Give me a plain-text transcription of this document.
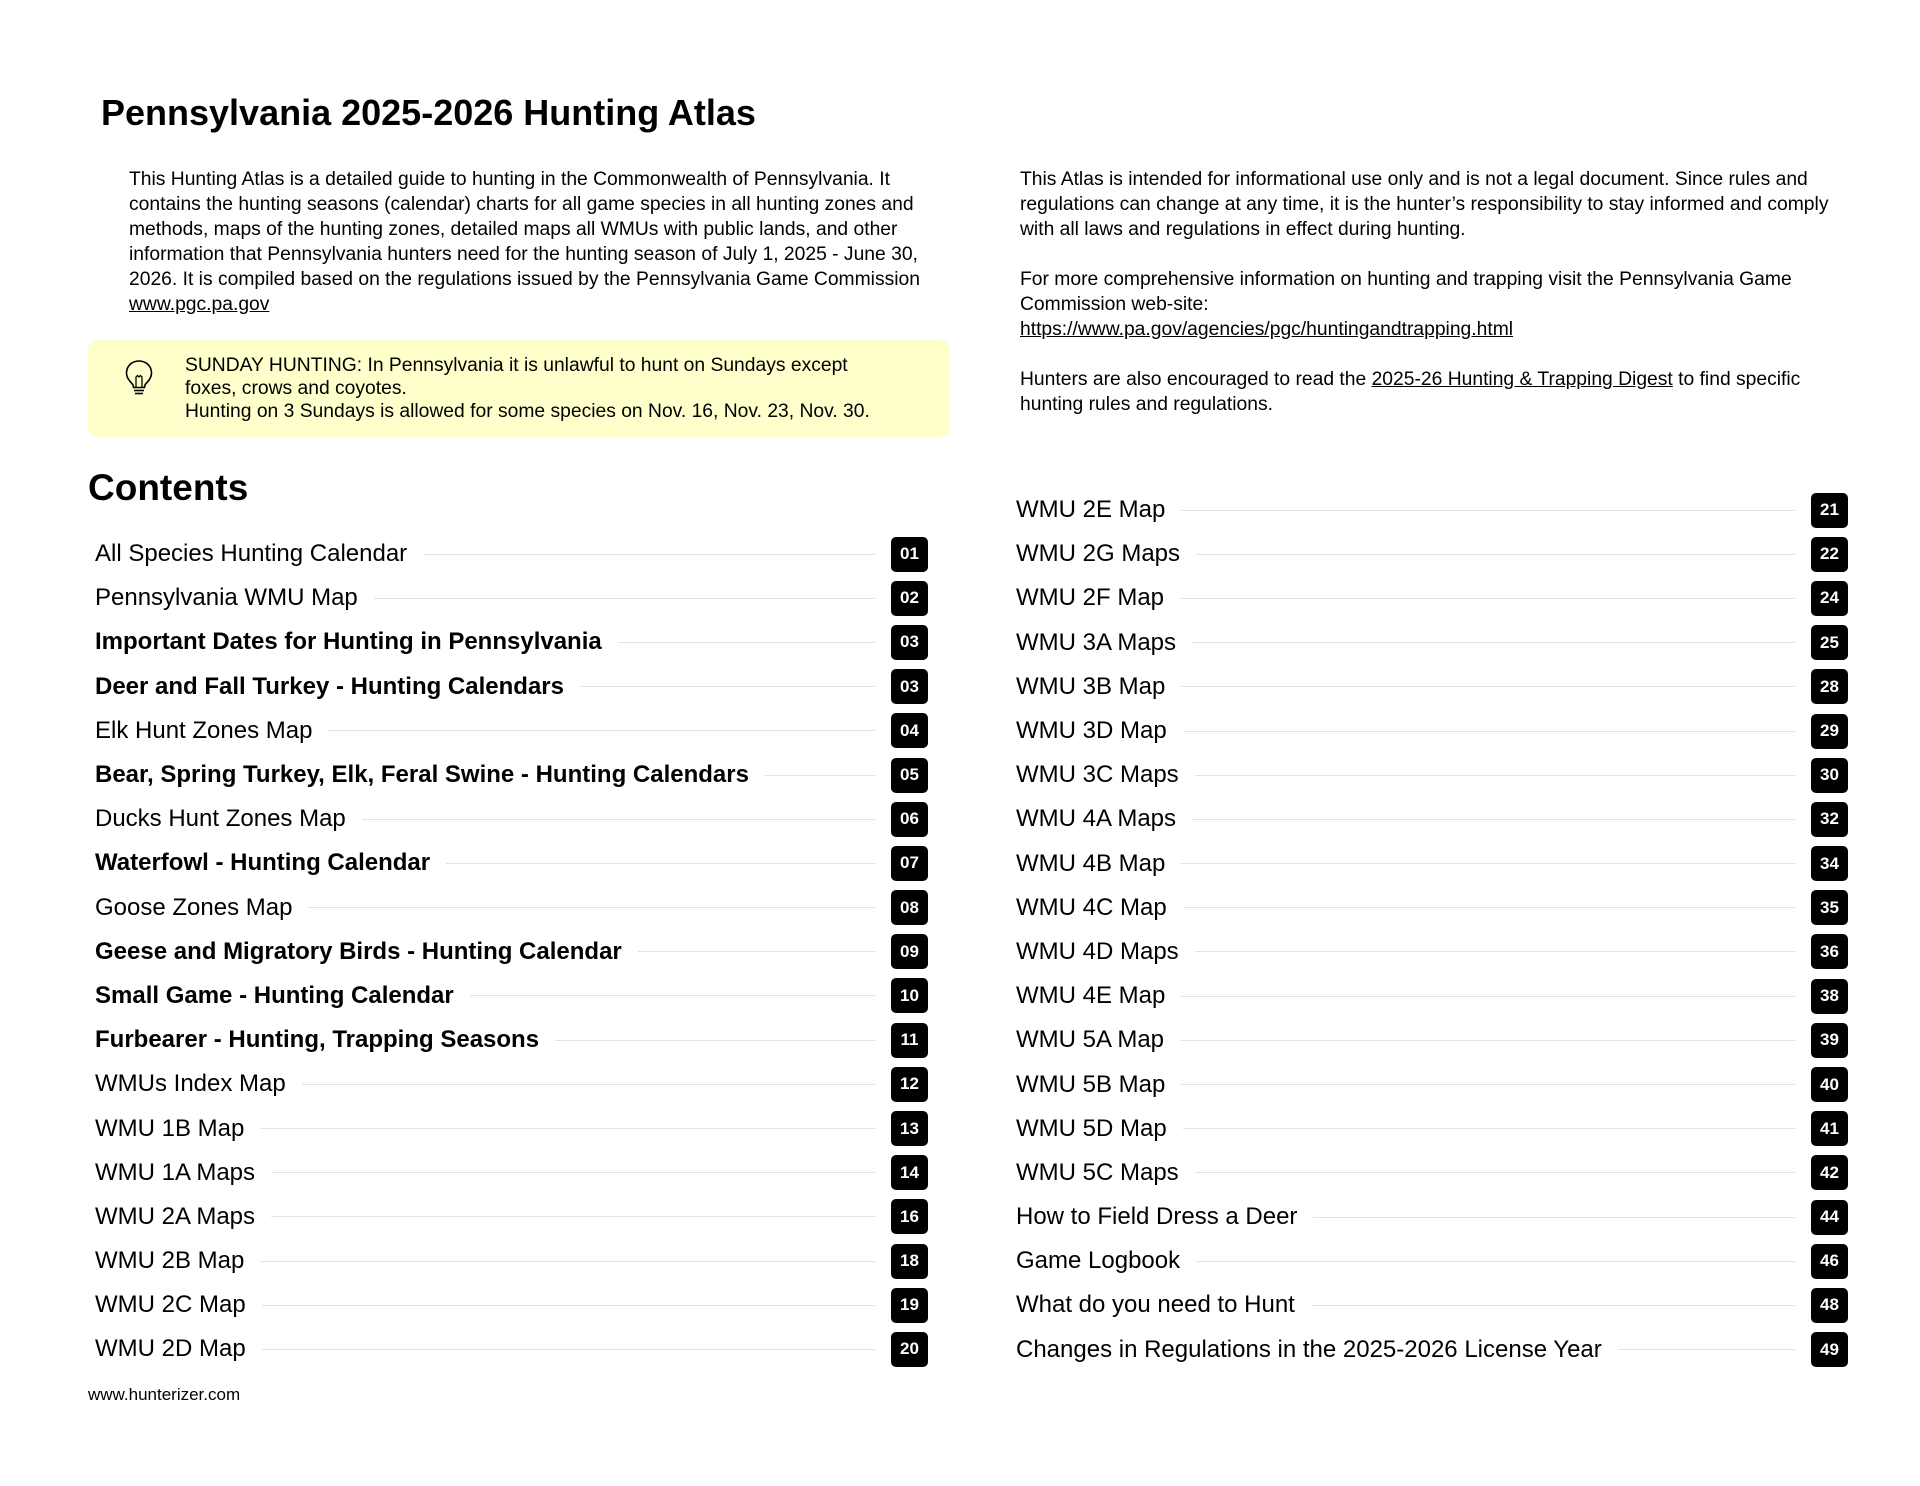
Pennsylvania 2025-2026 Hunting Atlas

This Hunting Atlas is a detailed guide to hunting in the Commonwealth of Pennsylvania. It contains the hunting seasons (calendar) charts for all game species in all hunting zones and methods, maps of the hunting zones, detailed maps all WMUs with public lands, and other information that Pennsylvania hunters need for the hunting season of July 1, 2025 - June 30, 2026. It is compiled based on the regulations issued by the Pennsylvania Game Commission www.pgc.pa.gov

This Atlas is intended for informational use only and is not a legal document. Since rules and regulations can change at any time, it is the hunter’s responsibility to stay informed and comply with all laws and regulations in effect during hunting.

For more comprehensive information on hunting and trapping visit the Pennsylvania Game Commission web-site:
https://www.pa.gov/agencies/pgc/huntingandtrapping.html

Hunters are also encouraged to read the 2025-26 Hunting & Trapping Digest to find specific hunting rules and regulations.

SUNDAY HUNTING: In Pennsylvania it is unlawful to hunt on Sundays except
foxes, crows and coyotes.
Hunting on 3 Sundays is allowed for some species on Nov. 16, Nov. 23, Nov. 30.
Contents
All Species Hunting Calendar	01
Pennsylvania WMU Map	02
Important Dates for Hunting in Pennsylvania	03
Deer and Fall Turkey - Hunting Calendars	03
Elk Hunt Zones Map	04
Bear, Spring Turkey, Elk, Feral Swine - Hunting Calendars	05
Ducks Hunt Zones Map	06
Waterfowl - Hunting Calendar	07
Goose Zones Map	08
Geese and Migratory Birds - Hunting Calendar	09
Small Game - Hunting Calendar	10
Furbearer - Hunting, Trapping Seasons	11
WMUs Index Map	12
WMU 1B Map	13
WMU 1A Maps	14
WMU 2A Maps	16
WMU 2B Map	18
WMU 2C Map	19
WMU 2D Map	20
WMU 2E Map	21
WMU 2G Maps	22
WMU 2F Map	24
WMU 3A Maps	25
WMU 3B Map	28
WMU 3D Map	29
WMU 3C Maps	30
WMU 4A Maps	32
WMU 4B Map	34
WMU 4C Map	35
WMU 4D Maps	36
WMU 4E Map	38
WMU 5A Map	39
WMU 5B Map	40
WMU 5D Map	41
WMU 5C Maps	42
How to Field Dress a Deer	44
Game Logbook	46
What do you need to Hunt	48
Changes in Regulations in the 2025-2026 License Year	49
www.hunterizer.com
